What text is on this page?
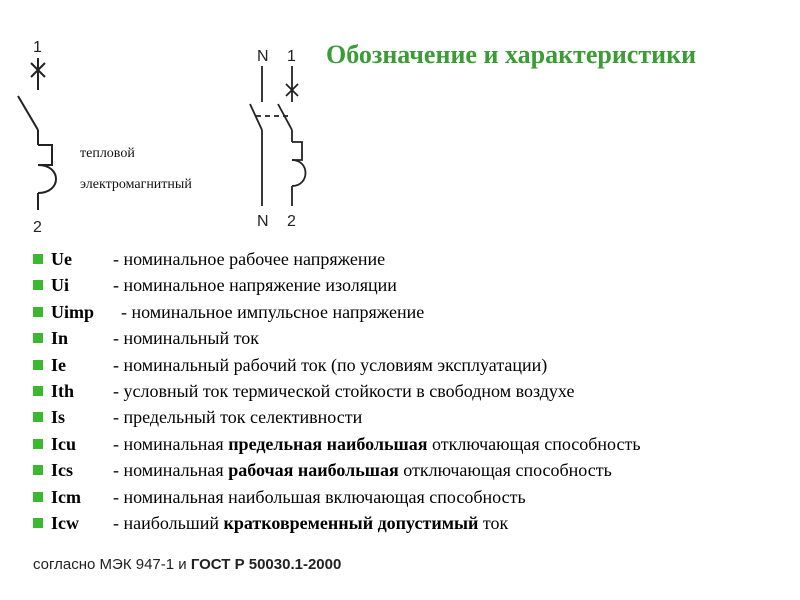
Обозначение и характеристики
1
2
N 1
N 2
тепловой
электромагнитный
Ue - номинальное рабочее напряжение
Ui - номинальное напряжение изоляции
Uimp - номинальное импульсное напряжение
In - номинальный ток
Ie	- номинальный рабочий ток (по условиям эксплуатации)
Ith - условный ток термической стойкости в свободном воздухе
Is	- предельный ток селективности
Icu - номинальная предельная наибольшая отключающая способность
Ics - номинальная рабочая наибольшая отключающая способность
Icm - номинальная наибольшая включающая способность
Icw - наибольший кратковременный допустимый ток
согласно МЭК 947-1 и ГОСТ Р 50030.1-2000
